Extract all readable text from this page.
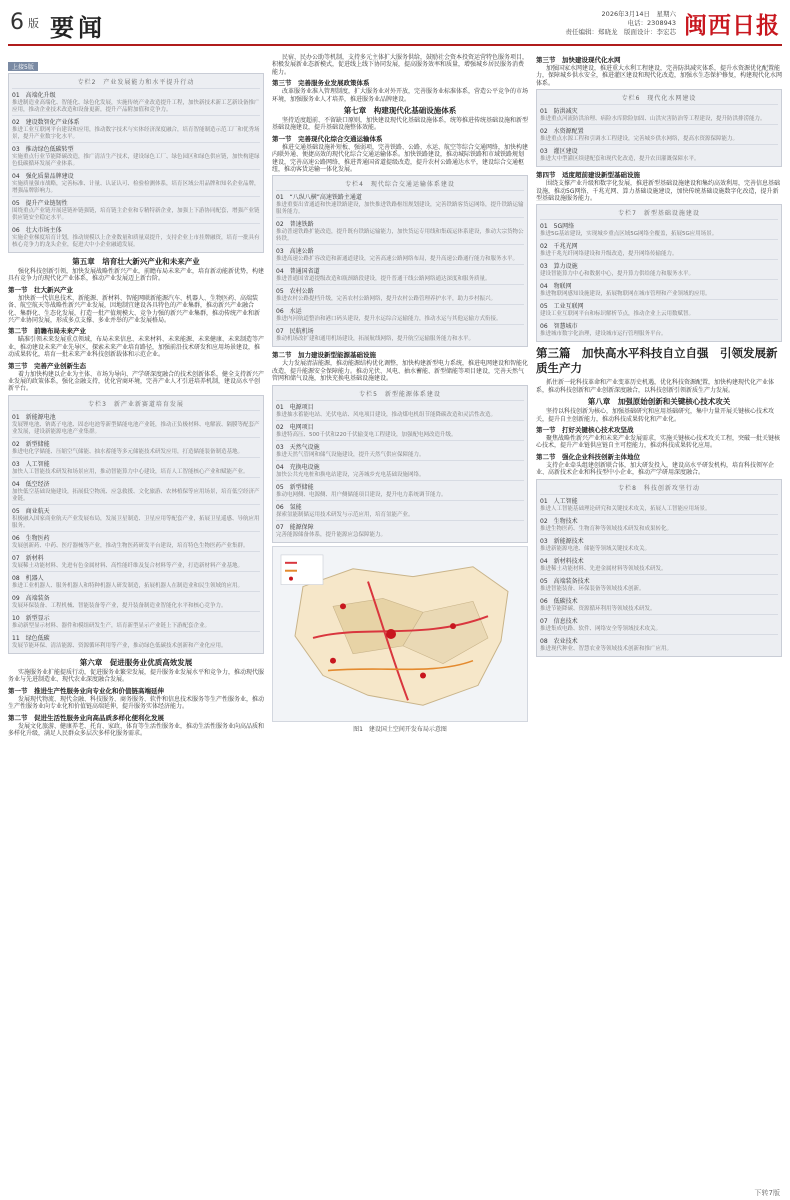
6 版 要闻	2026年3月14日　星期六
电话：2308943
责任编辑：郑晓龙　版面设计：李宏芯 闽西日报
上接5版
专栏2　产业发展能力和水平提升行动
01　高端化升级
推进制造业高端化、智能化、绿色化发展，实施传统产业改造提升工程，加快新技术新工艺新设备推广应用，推动企业技术改造和设备更新，提升产品附加值和竞争力。
02　建设数智化产业体系
推进工业互联网平台建设和应用，推动数字技术与实体经济深度融合，培育智能制造示范工厂和优秀场景，提升产业数字化水平。
03　推动绿色低碳转型
实施重点行业节能降碳改造，推广清洁生产技术，建设绿色工厂、绿色园区和绿色供应链，加快构建绿色低碳循环发展产业体系。
04　强化质量品牌建设
实施质量强市战略，完善标准、计量、认证认可、检验检测体系，培育区域公用品牌和知名企业品牌，增强品牌影响力。
05　提升产业链韧性
围绕重点产业链开展延链补链强链，培育链主企业和专精特新企业，加强上下游协同配套，增强产业链供应链安全稳定水平。
06　壮大市场主体
实施企业梯度培育计划，推动规模以上企业数量和质量双提升，支持企业上市挂牌融资，培育一批具有核心竞争力的龙头企业，促进大中小企业融通发展。
第五章　培育壮大新兴产业和未来产业
强化科技创新引领，加快发展战略性新兴产业，前瞻布局未来产业，培育新动能新优势，构建具有竞争力的现代化产业体系，推动产业发展迈上新台阶。
第一节　壮大新兴产业
加快新一代信息技术、新能源、新材料、智能网联新能源汽车、机器人、生物医药、高端装备、航空航天等战略性新兴产业发展，因地制宜建设各具特色的产业集群，推动新兴产业融合化、集群化、生态化发展，打造一批产值规模大、竞争力强的新兴产业集群，推动传统产业和新兴产业协同发展，形成多点支撑、多业并举的产业发展格局。
第二节　前瞻布局未来产业
瞄准引领未来发展重点领域，布局未来信息、未来材料、未来能源、未来健康、未来制造等产业，推动建设未来产业先导区，探索未来产业培育路径，加强前沿技术研发和应用场景建设，推动成果转化，培育一批未来产业科技创新载体和示范企业。
第三节　完善产业创新生态
着力加快构建以企业为主体、市场为导向、产学研深度融合的技术创新体系，健全支持新兴产业发展的政策体系，强化金融支持，优化营商环境，完善产业人才引进培养机制，建设高水平创新平台。
专栏3　新产业新赛道培育发展
01　新能源电池
发展锂电池、钠离子电池、固态电池等新型储能电池产业链，推动正负极材料、电解液、隔膜等配套产业发展，建设新能源电池产业集群。
02　新型储能
推进电化学储能、压缩空气储能、抽水蓄能等多元储能技术研发应用，打造储能装备制造基地。
03　人工智能
加快人工智能技术研发和场景应用，推动智能算力中心建设，培育人工智能核心产业和赋能产业。
04　低空经济
加快低空基础设施建设，拓展低空物流、应急救援、文化旅游、农林植保等应用场景，培育低空经济产业链。
05　商业航天
积极融入国家商业航天产业发展布局，发展卫星制造、卫星应用等配套产业，拓展卫星遥感、导航应用服务。
06　生物医药
发展创新药、中药、医疗器械等产业，推动生物医药研发平台建设，培育特色生物医药产业集群。
07　新材料
发展稀土功能材料、先进有色金属材料、高性能纤维及复合材料等产业，打造新材料产业基地。
08　机器人
推进工业机器人、服务机器人和特种机器人研发制造，拓展机器人在制造业和民生领域的应用。
09　高端装备
发展环保装备、工程机械、智能装备等产业，提升装备制造业智能化水平和核心竞争力。
10　新型显示
推动新型显示材料、器件和模组研发生产，培育新型显示产业链上下游配套企业。
11　绿色低碳
发展节能环保、清洁能源、资源循环利用等产业，推动绿色低碳技术创新和产业化应用。
第六章　促进服务业优质高效发展
实施服务业扩能提质行动，促进服务业繁荣发展，提升服务业发展水平和竞争力，推动现代服务业与先进制造业、现代农业深度融合发展。
第一节　推进生产性服务业向专业化和价值链高端延伸
发展现代物流、现代金融、科技服务、商务服务、软件和信息技术服务等生产性服务业，推动生产性服务业向专业化和价值链高端延伸，提升服务实体经济能力。
第二节　促进生活性服务业向高品质多样化便利化发展
发展文化旅游、健康养老、托育、家政、体育等生活性服务业，推动生活性服务业向高品质和多样化升级，满足人民群众多层次多样化服务需求。
民宿、民办公助等机制，支持多元主体扩大服务供给，鼓励社会资本投资运营特色服务项目，积极发展新业态新模式，促进线上线下协同发展，提高服务效率和质量，增强城乡居民服务消费能力。
第三节　完善服务业发展政策体系
改革服务业准入管理制度，扩大服务业对外开放，完善服务业标准体系，营造公平竞争的市场环境，加强服务业人才培养，推进服务业品牌建设。
第七章　构建现代化基础设施体系
坚持适度超前、不留缺口原则，加快建设现代化基础设施体系，统筹推进传统基础设施和新型基础设施建设，提升基础设施整体效能。
第一节　完善现代化综合交通运输体系
推进交通基础设施补短板、强弱项，完善铁路、公路、水运、航空等综合交通网络，加快构建内联外通、便捷高效的现代化综合交通运输体系。加快铁路建设，推动城际铁路和市域铁路规划建设，完善高速公路网络，推进普通国省道提级改造，提升农村公路通达水平，建设综合交通枢纽，推动客货运输一体化发展。
专栏4　现代综合交通运输体系建设
01　“八纵八横”高速铁路主通道
推进重要出省通道和快速铁路建设，加快推进铁路枢纽规划建设，完善铁路客货运网络，提升铁路运输服务能力。
02　普速铁路
推动普速铁路扩能改造，提升既有铁路运输能力，加快货运专用线和集疏运体系建设，推动大宗货物公转铁。
03　高速公路
推进高速公路扩容改造和新通道建设，完善高速公路网络布局，提升高速公路通行能力和服务水平。
04　普通国省道
推进普通国省道提级改造和瓶颈路段建设，提升普通干线公路网络通达深度和服务质量。
05　农村公路
推进农村公路提档升级，完善农村公路网络，提升农村公路管理养护水平，助力乡村振兴。
06　水运
推进内河航道整治和港口码头建设，提升水运综合运输能力，推动水运与其他运输方式衔接。
07　民航机场
推动机场改扩建和通用机场建设，拓展航线网络，提升航空运输服务能力和水平。
第二节　加力建设新型能源基础设施
大力发展清洁能源，推动能源结构优化调整，加快构建新型电力系统，推进电网建设和智能化改造，提升能源安全保障能力。推动光伏、风电、抽水蓄能、新型储能等项目建设，完善天然气管网和储气设施，加快充换电基础设施建设。
专栏5　新型能源体系建设
01　电源项目
推进抽水蓄能电站、光伏电站、风电项目建设，推动煤电机组节能降碳改造和灵活性改造。
02　电网项目
推进特高压、500千伏和220千伏输变电工程建设，加强配电网改造升级。
03　天然气设施
推进天然气管网和储气设施建设，提升天然气供应保障能力。
04　充换电设施
加快公共充电桩和换电站建设，完善城乡充电基础设施网络。
05　新型储能
推动电网侧、电源侧、用户侧储能项目建设，提升电力系统调节能力。
06　氢能
探索氢能制储运用技术研发与示范应用，培育氢能产业。
07　能源保障
完善能源储备体系，提升能源应急保障能力。
图1　建设国土空间开发布局示意图
第三节　加快建设现代化水网
加强国家水网建设，推进重大水利工程建设，完善防洪减灾体系，提升水资源优化配置能力，保障城乡供水安全，推进灌区建设和现代化改造，加强水生态保护修复，构建现代化水网体系。
专栏6　现代化水网建设
01　防洪减灾
推进重点河流防洪治理、病险水库除险加固、山洪灾害防治等工程建设，提升防洪排涝能力。
02　水资源配置
推进重点水源工程和引调水工程建设，完善城乡供水网络，提高水资源保障能力。
03　灌区建设
推进大中型灌区续建配套和现代化改造，提升农田灌溉保障水平。
第四节　适度超前建设新型基础设施
围绕支撑产业升级和数字化发展，推进新型基础设施建设和集约高效利用，完善信息基础设施，推动5G网络、千兆光网、算力基础设施建设，加快传统基础设施数字化改造，提升新型基础设施服务能力。
专栏7　新型基础设施建设
01　5G网络
推进5G基站建设，实现城乡重点区域5G网络全覆盖，拓展5G应用场景。
02　千兆光网
推进千兆光纤网络建设和升级改造，提升网络传输能力。
03　算力设施
建设智能算力中心和数据中心，提升算力供给能力和服务水平。
04　物联网
推进物联网感知设施建设，拓展物联网在城市管理和产业领域的应用。
05　工业互联网
建设工业互联网平台和标识解析节点，推动企业上云用数赋智。
06　智慧城市
推进城市数字化治理，建设城市运行管理服务平台。
第三篇　加快高水平科技自立自强　引领发展新质生产力
抓住新一轮科技革命和产业变革历史机遇，优化科技资源配置，加快构建现代化产业体系，推动科技创新和产业创新深度融合，以科技创新引领新质生产力发展。
第八章　加强原始创新和关键核心技术攻关
坚持以科技创新为核心，加强基础研究和应用基础研究，集中力量开展关键核心技术攻关，提升自主创新能力，推动科技成果转化和产业化。
第一节　打好关键核心技术攻坚战
聚焦战略性新兴产业和未来产业发展需求，实施关键核心技术攻关工程，突破一批关键核心技术，提升产业链供应链自主可控能力，推动科技成果转化应用。
第二节　强化企业科技创新主体地位
支持企业牵头组建创新联合体，加大研发投入，建设高水平研发机构，培育科技领军企业、高新技术企业和科技型中小企业，推动产学研用深度融合。
专栏8　科技创新攻坚行动
01　人工智能
推进人工智能基础理论研究和关键技术攻关，拓展人工智能应用场景。
02　生物技术
推进生物医药、生物育种等领域技术研发和成果转化。
03　新能源技术
推进新能源电池、储能等领域关键技术攻关。
04　新材料技术
推进稀土功能材料、先进金属材料等领域技术研发。
05　高端装备技术
推进智能装备、环保装备等领域技术创新。
06　低碳技术
推进节能降碳、资源循环利用等领域技术研发。
07　信息技术
推进集成电路、软件、网络安全等领域技术攻关。
08　农业技术
推进现代种业、智慧农业等领域技术创新和推广应用。
下转7版
